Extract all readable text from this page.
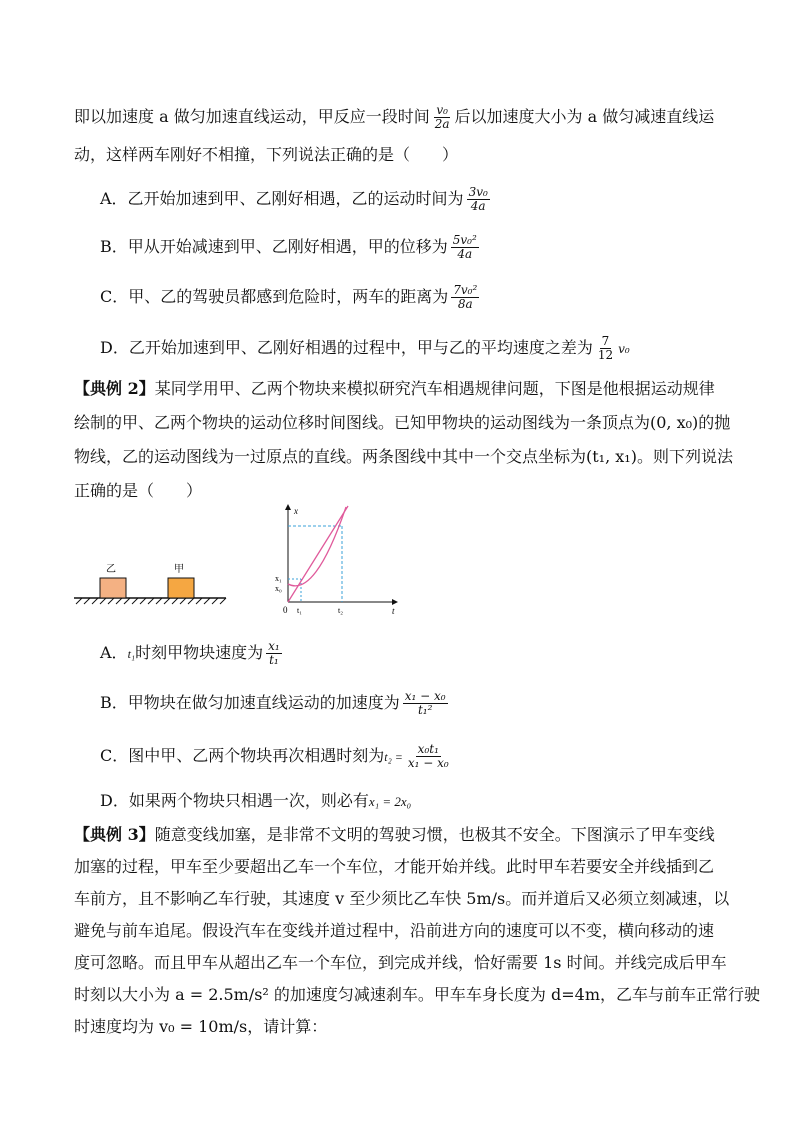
即以加速度 a 做匀加速直线运动，甲反应一段时间 $\frac{\text{v₀}}{2a}$ 后以加速度大小为 a 做匀减速直线运
动，这样两车刚好不相撞，下列说法正确的是（　　）
A．乙开始加速到甲、乙刚好相遇，乙的运动时间为 $\frac{\text{3v₀}}{4a}$
B．甲从开始减速到甲、乙刚好相遇，甲的位移为 $\frac{\text{5v₀²}}{4a}$
C．甲、乙的驾驶员都感到危险时，两车的距离为 $\frac{\text{7v₀²}}{8a}$
D．乙开始加速到甲、乙刚好相遇的过程中，甲与乙的平均速度之差为 $\frac{7}{12} v_0$
【典例 2】某同学用甲、乙两个物块来模拟研究汽车相遇规律问题，下图是他根据运动规律
绘制的甲、乙两个物块的运动位移时间图线。已知甲物块的运动图线为一条顶点为(0, x₀)的抛
物线，乙的运动图线为一过原点的直线。两条图线中其中一个交点坐标为(t₁, x₁)。则下列说法
正确的是（　　）
乙	甲
x
t
0
x₁
x₀
t₁	t₂
A．t₁时刻甲物块速度为 $\frac{\text{x₁}}{\text{t₁}}$
B．甲物块在做匀加速直线运动的加速度为 $\frac{\text{x₁ − x₀}}{\text{t₁²}}$
C．图中甲、乙两个物块再次相遇时刻为$t_2 = \frac{\text{x₀t₁}}{\text{x₁ − x₀}}$
D．如果两个物块只相遇一次，则必有x₁ = 2x₀
【典例 3】随意变线加塞，是非常不文明的驾驶习惯，也极其不安全。下图演示了甲车变线
加塞的过程，甲车至少要超出乙车一个车位，才能开始并线。此时甲车若要安全并线插到乙
车前方，且不影响乙车行驶，其速度 v 至少须比乙车快 5m/s。而并道后又必须立刻减速，以
避免与前车追尾。假设汽车在变线并道过程中，沿前进方向的速度可以不变，横向移动的速
度可忽略。而且甲车从超出乙车一个车位，到完成并线，恰好需要 1s 时间。并线完成后甲车
时刻以大小为 a = 2.5m/s² 的加速度匀减速刹车。甲车车身长度为 d=4m，乙车与前车正常行驶
时速度均为 v₀ = 10m/s，请计算：
